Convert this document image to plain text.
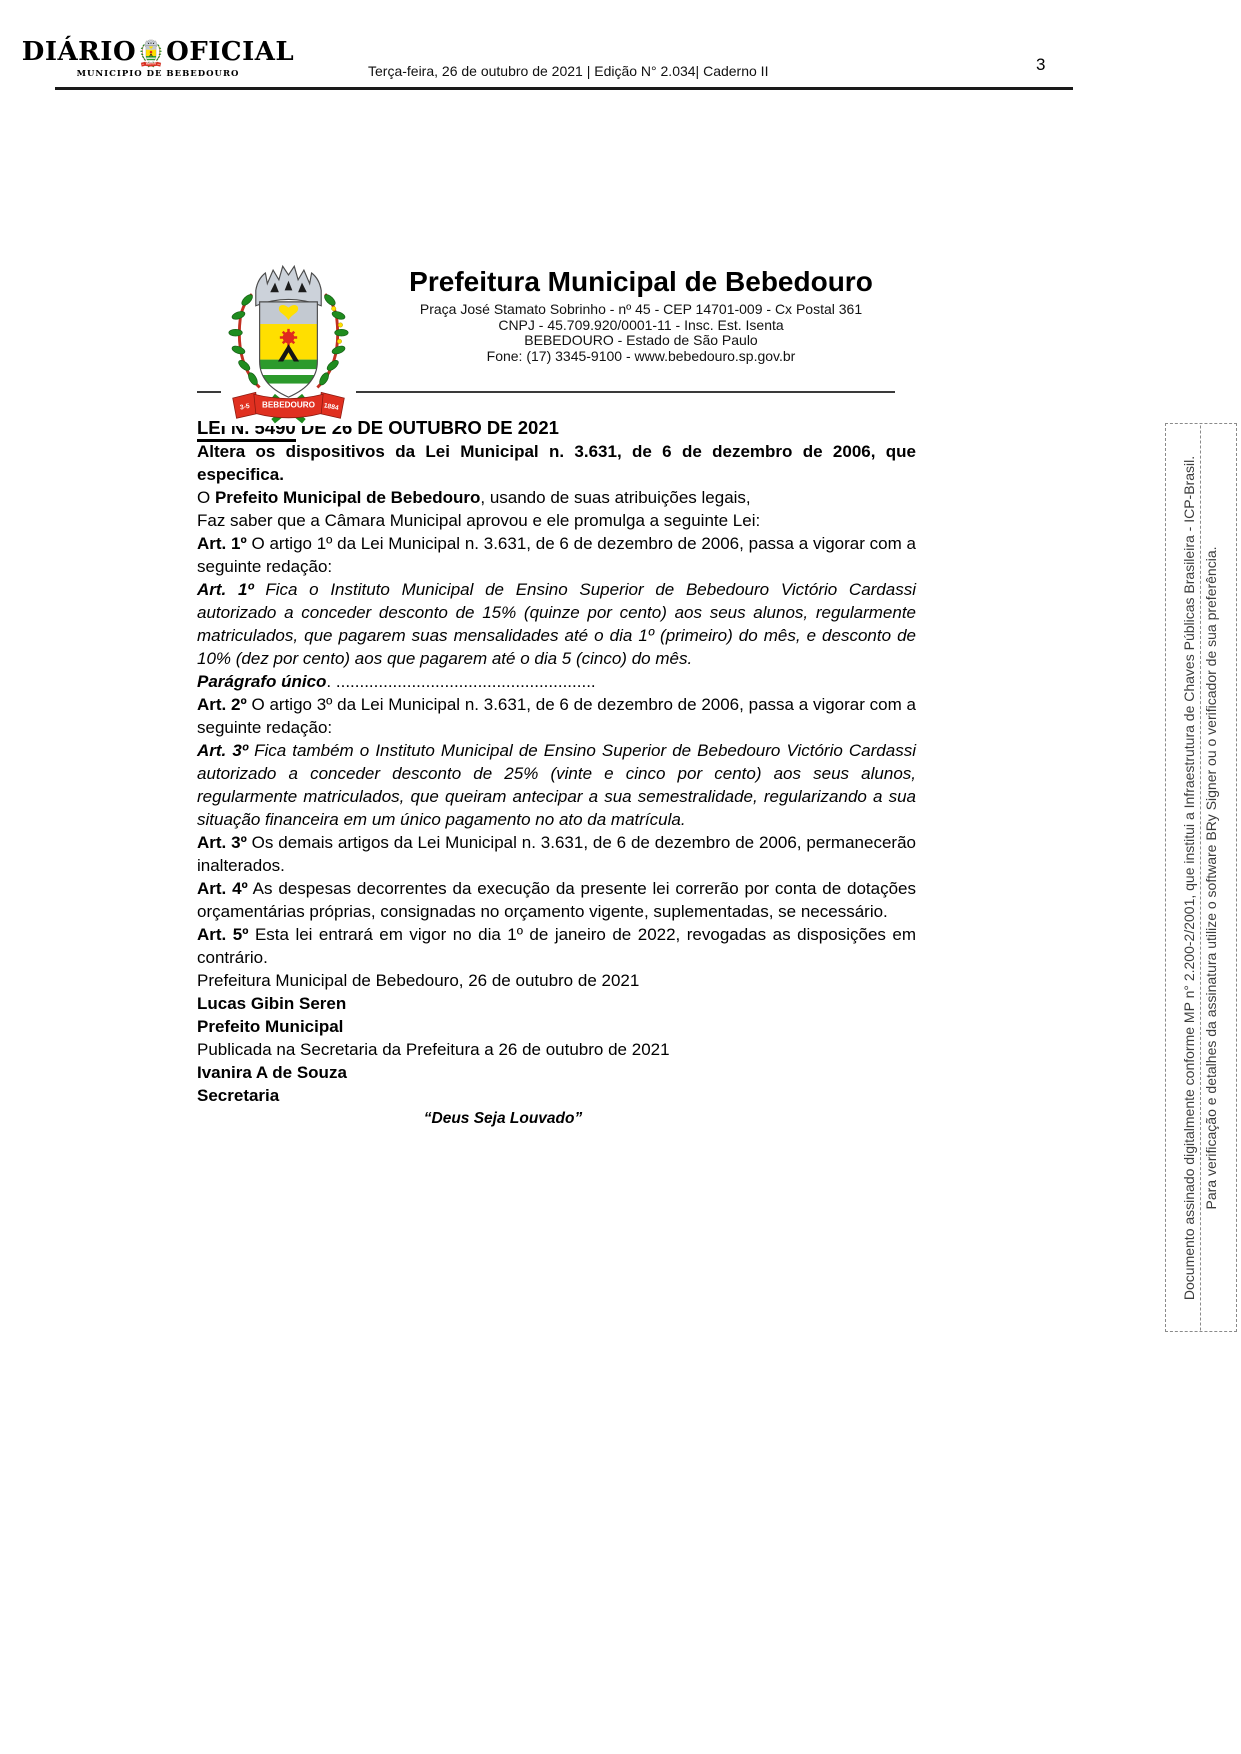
DIÁRIO OFICIAL
MUNICIPIO DE BEBEDOURO	Terça-feira, 26 de outubro de 2021 | Edição N° 2.034| Caderno II	3
Prefeitura Municipal de Bebedouro
Praça José Stamato Sobrinho - nº 45 - CEP 14701-009 - Cx Postal 361
CNPJ - 45.709.920/0001-11 - Insc. Est. Isenta
BEBEDOURO - Estado de São Paulo
Fone: (17) 3345-9100 - www.bebedouro.sp.gov.br
LEI N. 5490 DE 26 DE OUTUBRO DE 2021

Altera os dispositivos da Lei Municipal n. 3.631, de 6 de dezembro de 2006, que especifica.

O Prefeito Municipal de Bebedouro, usando de suas atribuições legais,
Faz saber que a Câmara Municipal aprovou e ele promulga a seguinte Lei:

Art. 1º O artigo 1º da Lei Municipal n. 3.631, de 6 de dezembro de 2006, passa a vigorar com a seguinte redação:

Art. 1º Fica o Instituto Municipal de Ensino Superior de Bebedouro Victório Cardassi autorizado a conceder desconto de 15% (quinze por cento) aos seus alunos, regularmente matriculados, que pagarem suas mensalidades até o dia 1º (primeiro) do mês, e desconto de 10% (dez por cento) aos que pagarem até o dia 5 (cinco) do mês.

Parágrafo único. .......................................................

Art. 2º O artigo 3º da Lei Municipal n. 3.631, de 6 de dezembro de 2006, passa a vigorar com a seguinte redação:

Art. 3º Fica também o Instituto Municipal de Ensino Superior de Bebedouro Victório Cardassi autorizado a conceder desconto de 25% (vinte e cinco por cento) aos seus alunos, regularmente matriculados, que queiram antecipar a sua semestralidade, regularizando a sua situação financeira em um único pagamento no ato da matrícula.

Art. 3º Os demais artigos da Lei Municipal n. 3.631, de 6 de dezembro de 2006, permanecerão inalterados.

Art. 4º As despesas decorrentes da execução da presente lei correrão por conta de dotações orçamentárias próprias, consignadas no orçamento vigente, suplementadas, se necessário.

Art. 5º Esta lei entrará em vigor no dia 1º de janeiro de 2022, revogadas as disposições em contrário.

Prefeitura Municipal de Bebedouro, 26 de outubro de 2021

Lucas Gibin Seren
Prefeito Municipal

Publicada na Secretaria da Prefeitura a 26 de outubro de 2021

Ivanira A de Souza
Secretaria

“Deus Seja Louvado”	Documento assinado digitalmente conforme MP n° 2.200-2/2001, que institui a Infraestrutura de Chaves Públicas Brasileira - ICP-Brasil. Para verificação e detalhes da assinatura utilize o software BRy Signer ou o verificador de sua preferência.
